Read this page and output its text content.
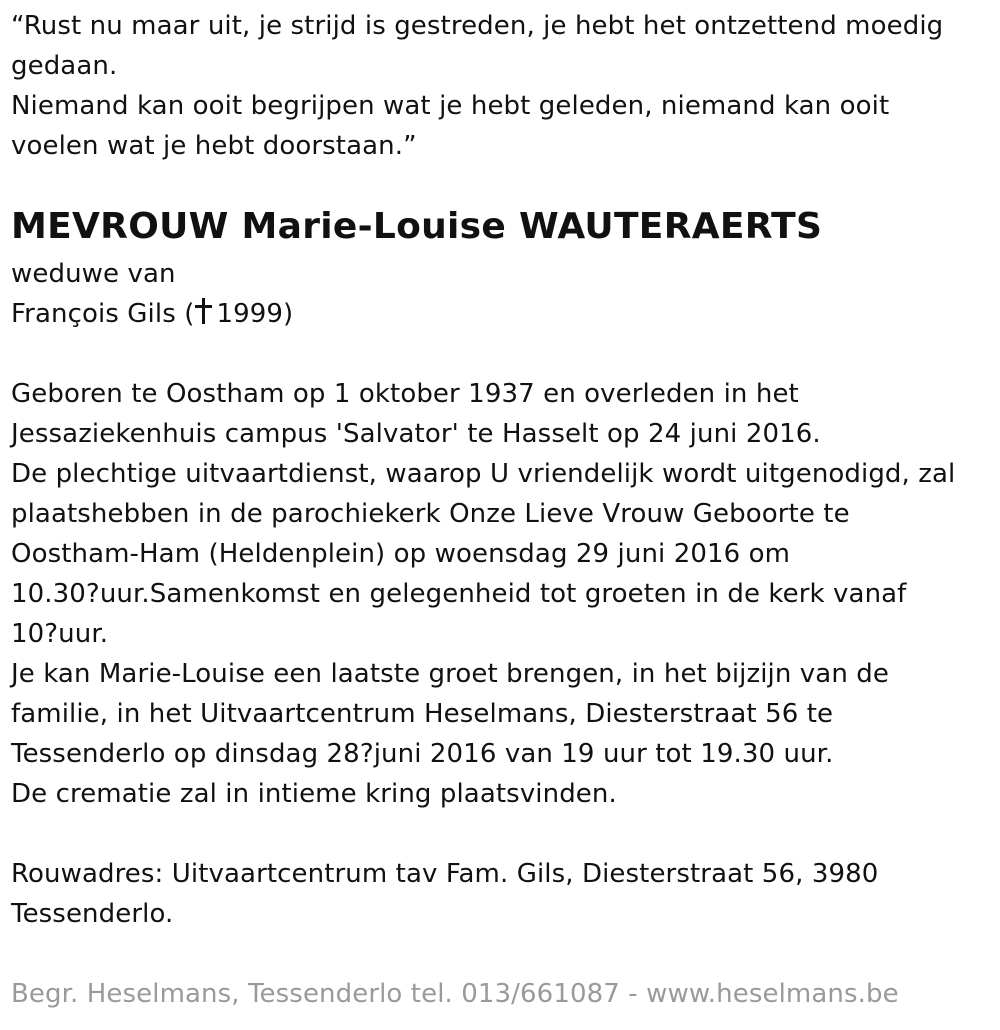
“Rust nu maar uit, je strijd is gestreden, je hebt het ontzettend moedig
gedaan.
Niemand kan ooit begrijpen wat je hebt geleden, niemand kan ooit
voelen wat je hebt doorstaan.”
MEVROUW Marie-Louise WAUTERAERTS
weduwe van
François Gils ( 1999)
Geboren te Oostham op 1 oktober 1937 en overleden in het
Jessaziekenhuis campus 'Salvator' te Hasselt op 24 juni 2016.
De plechtige uitvaartdienst, waarop U vriendelijk wordt uitgenodigd, zal
plaatshebben in de parochiekerk Onze Lieve Vrouw Geboorte te
Oostham-Ham (Heldenplein) op woensdag 29 juni 2016 om
10.30?uur.Samenkomst en gelegenheid tot groeten in de kerk vanaf
10?uur.
Je kan Marie-Louise een laatste groet brengen, in het bijzijn van de
familie, in het Uitvaartcentrum Heselmans, Diesterstraat 56 te
Tessenderlo op dinsdag 28?juni 2016 van 19 uur tot 19.30 uur.
De crematie zal in intieme kring plaatsvinden.
Rouwadres: Uitvaartcentrum tav Fam. Gils, Diesterstraat 56, 3980
Tessenderlo.
Begr. Heselmans, Tessenderlo tel. 013/661087 - www.heselmans.be
